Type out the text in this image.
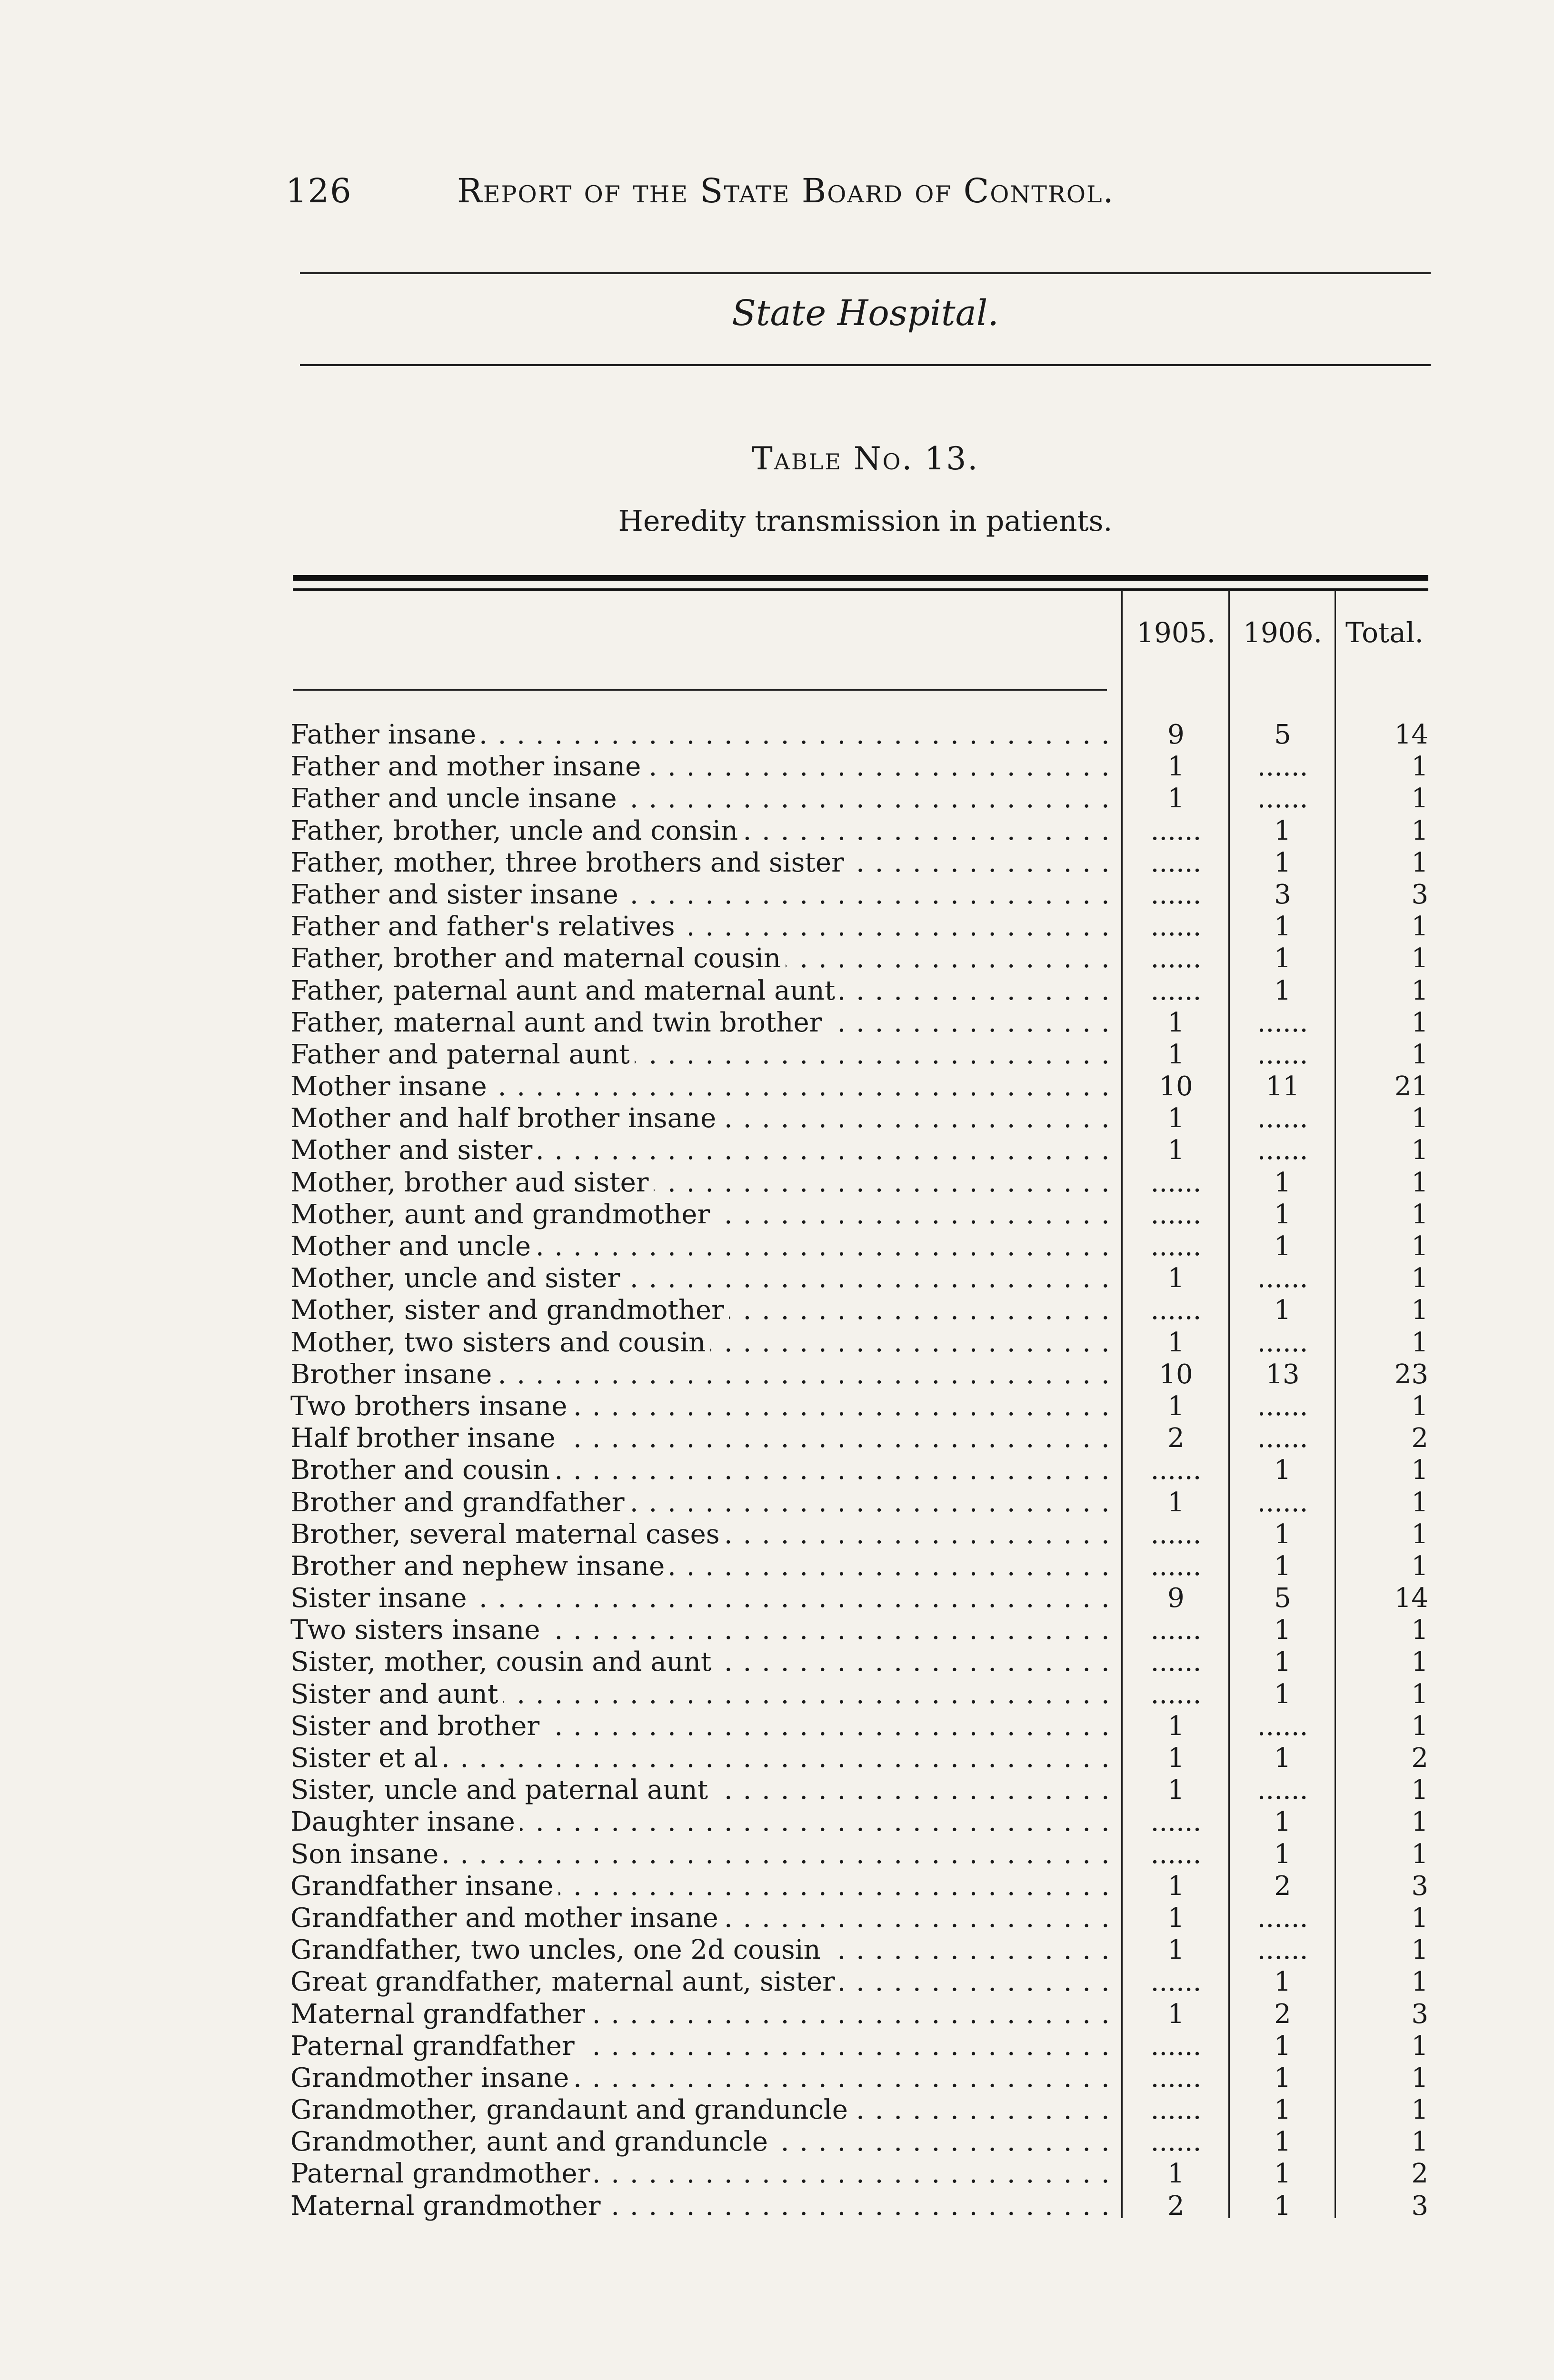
126	Report of the State Board of Control.
State Hospital.
Table No. 13.
Heredity transmission in patients.
1905. 1906. Total.
Father insane . . .	9	5	14
Father and mother insane . . .	1	......	1
Father and uncle insane . . .	1	......	1
Father, brother, uncle and consin . . .	......	1	1
Father, mother, three brothers and sister . . .	......	1	1
Father and sister insane . . .	......	3	3
Father and father's relatives . . .	......	1	1
Father, brother and maternal cousin . . .	......	1	1
Father, paternal aunt and maternal aunt . . .	......	1	1
Father, maternal aunt and twin brother . . .	1	......	1
Father and paternal aunt . . .	1	......	1
Mother insane . . .	10	11	21
Mother and half brother insane . . .	1	......	1
Mother and sister . . .	1	......	1
Mother, brother aud sister . . .	......	1	1
Mother, aunt and grandmother . . .	......	1	1
Mother and uncle . . .	......	1	1
Mother, uncle and sister . . .	1	......	1
Mother, sister and grandmother . . .	......	1	1
Mother, two sisters and cousin . . .	1	......	1
Brother insane . . .	10	13	23
Two brothers insane . . .	1	......	1
Half brother insane . . .	2	......	2
Brother and cousin . . .	......	1	1
Brother and grandfather . . .	1	......	1
Brother, several maternal cases . . .	......	1	1
Brother and nephew insane . . .	......	1	1
Sister insane . . .	9	5	14
Two sisters insane . . .	......	1	1
Sister, mother, cousin and aunt . . .	......	1	1
Sister and aunt . . .	......	1	1
Sister and brother . . .	1	......	1
Sister et al . . .	1	1	2
Sister, uncle and paternal aunt . . .	1	......	1
Daughter insane . . .	......	1	1
Son insane . . .	......	1	1
Grandfather insane . . .	1	2	3
Grandfather and mother insane . . .	1	......	1
Grandfather, two uncles, one 2d cousin . . .	1	......	1
Great grandfather, maternal aunt, sister . . .	......	1	1
Maternal grandfather . . .	1	2	3
Paternal grandfather . . .	......	1	1
Grandmother insane . . .	......	1	1
Grandmother, grandaunt and granduncle . . .	......	1	1
Grandmother, aunt and granduncle . . .	......	1	1
Paternal grandmother . . .	1	1	2
Maternal grandmother . . .	2	1	3
